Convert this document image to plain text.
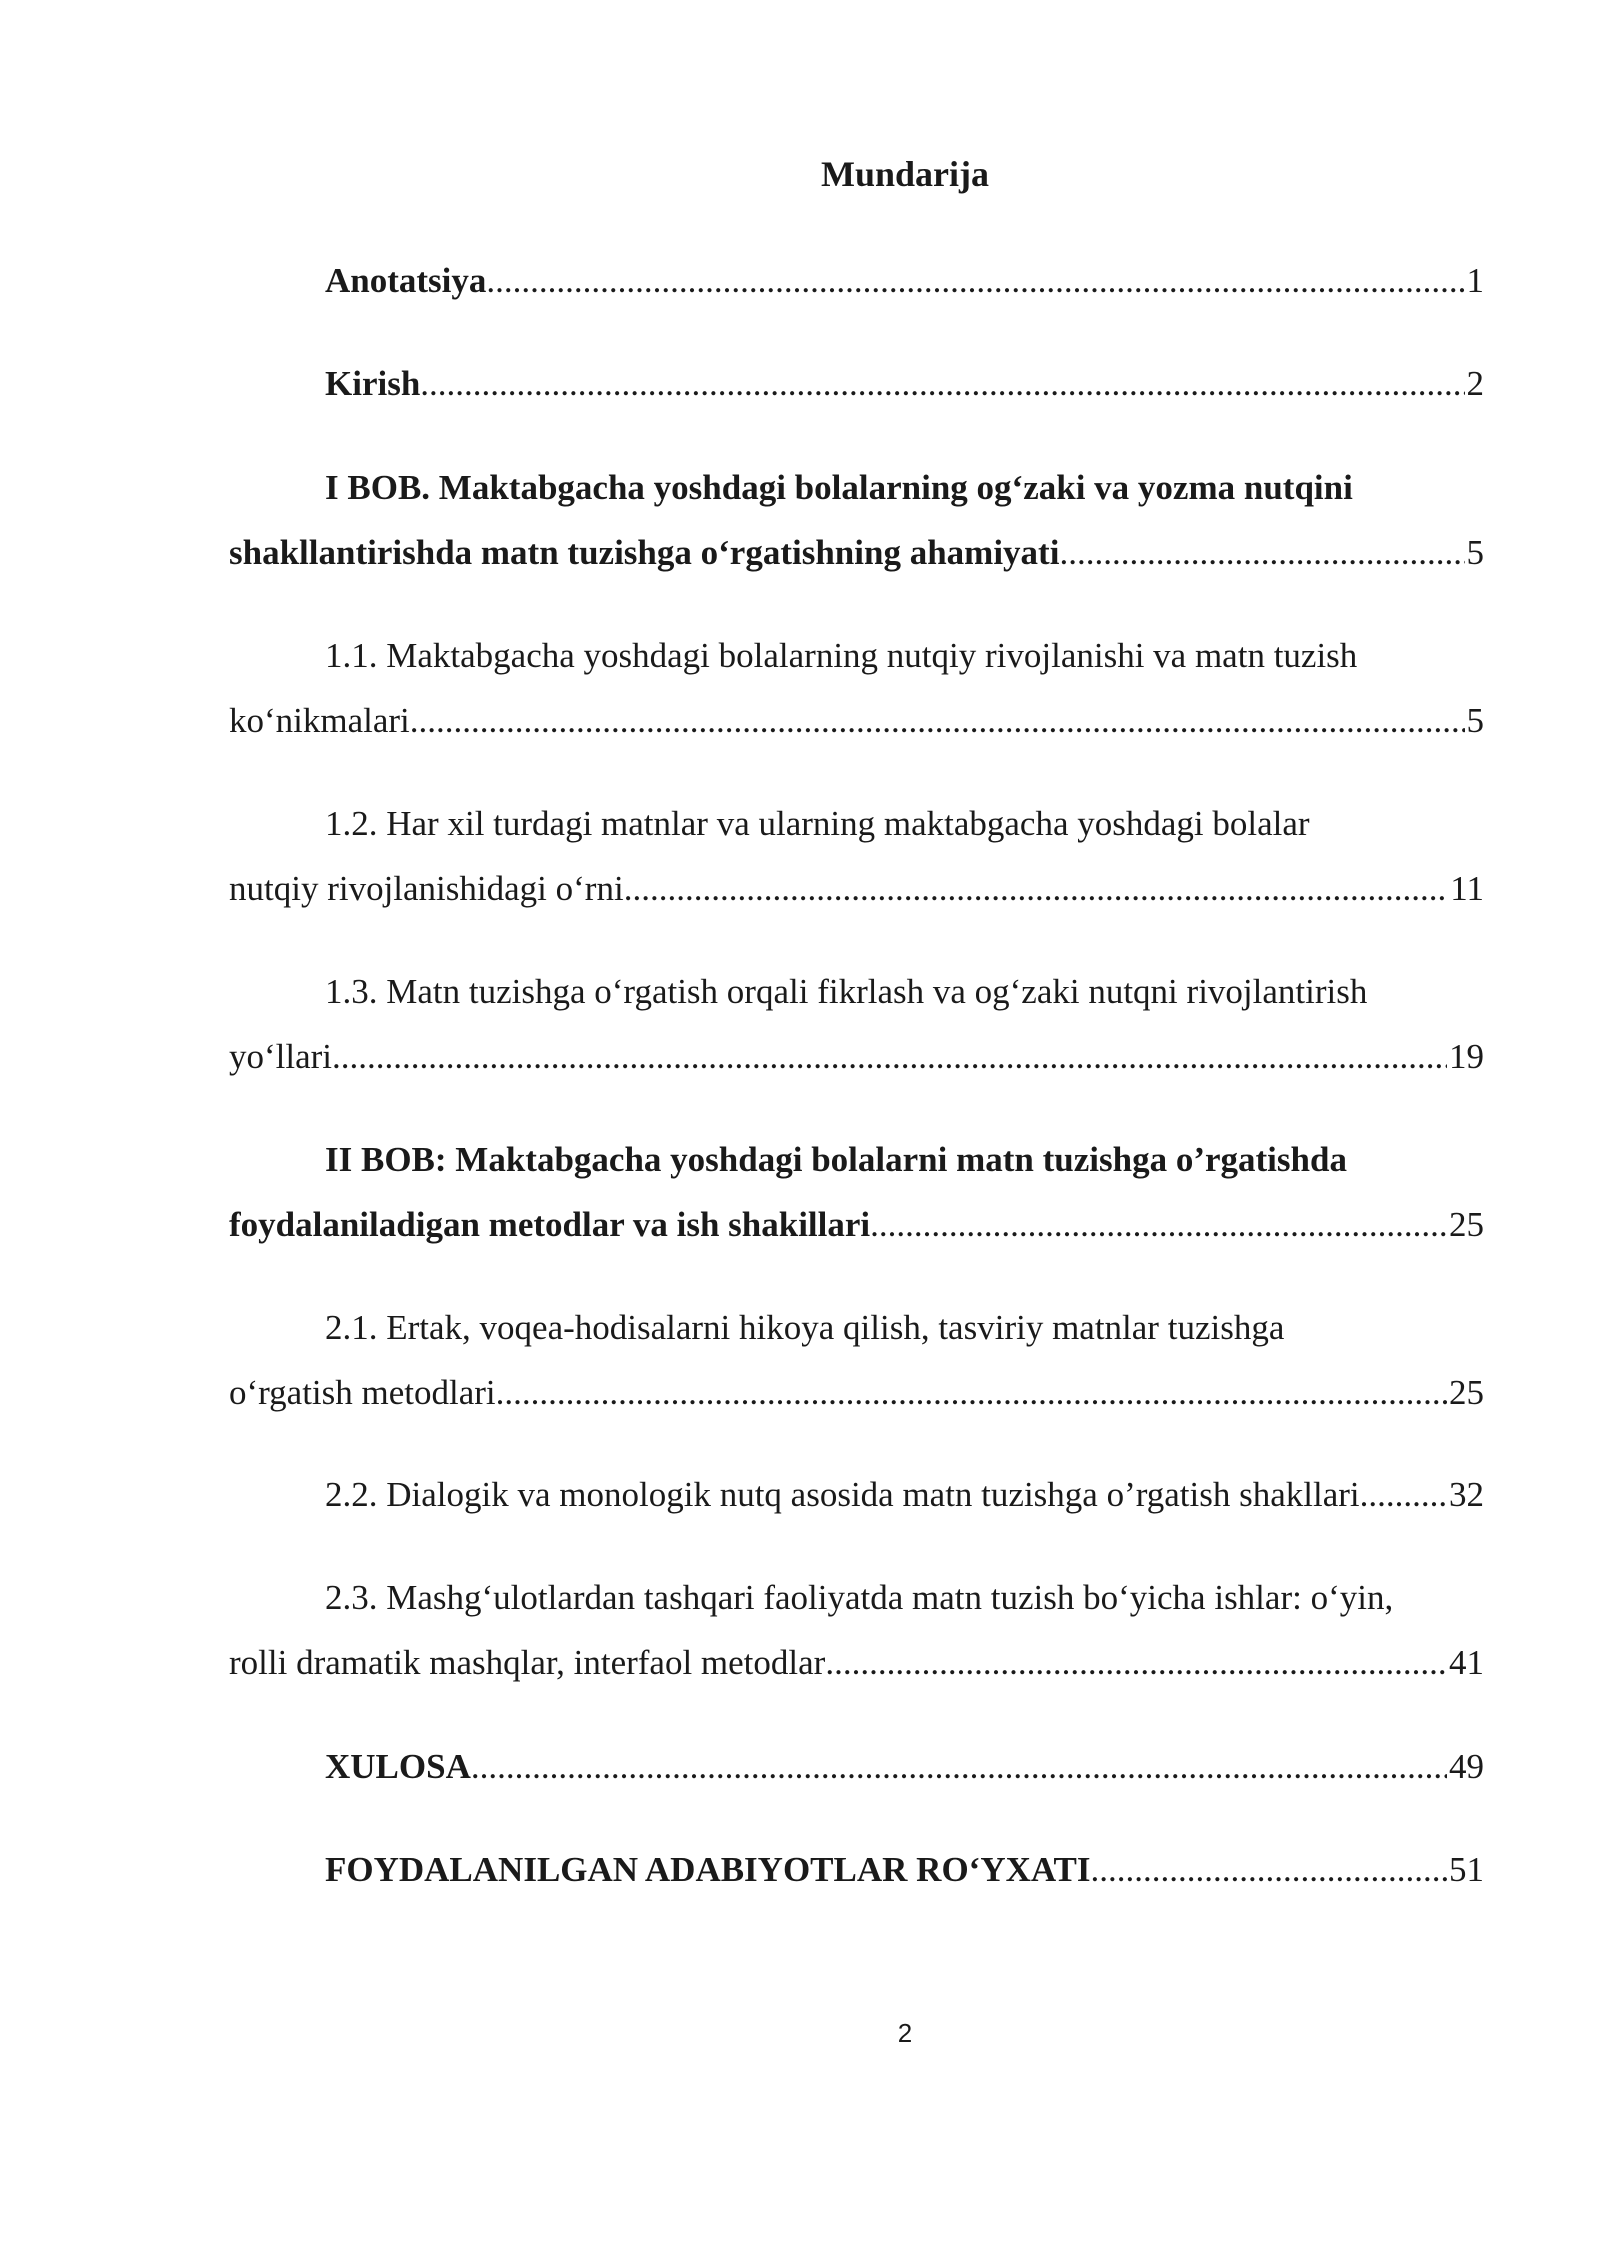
Mundarija
Anotatsiya .....	1
Kirish .....	2
I BOB. Maktabgacha yoshdagi bolalarning og‘zaki va yozma nutqini
shakllantirishda matn tuzishga o‘rgatishning ahamiyati .....	5
1.1. Maktabgacha yoshdagi bolalarning nutqiy rivojlanishi va matn tuzish
ko‘nikmalari .....	5
1.2. Har xil turdagi matnlar va ularning maktabgacha yoshdagi bolalar
nutqiy rivojlanishidagi o‘rni .....	11
1.3. Matn tuzishga o‘rgatish orqali fikrlash va og‘zaki nutqni rivojlantirish
yo‘llari .....	19
II BOB: Maktabgacha yoshdagi bolalarni matn tuzishga o’rgatishda
foydalaniladigan metodlar va ish shakillari .....	25
2.1. Ertak, voqea-hodisalarni hikoya qilish, tasviriy matnlar tuzishga
o‘rgatish metodlari .....	25
2.2. Dialogik va monologik nutq asosida matn tuzishga o’rgatish shakllari. ..... 32
2.3. Mashg‘ulotlardan tashqari faoliyatda matn tuzish bo‘yicha ishlar: o‘yin,
rolli dramatik mashqlar, interfaol metodlar .....	41
XULOSA .....	49
FOYDALANILGAN ADABIYOTLAR RO‘YXATI .....	51
2
